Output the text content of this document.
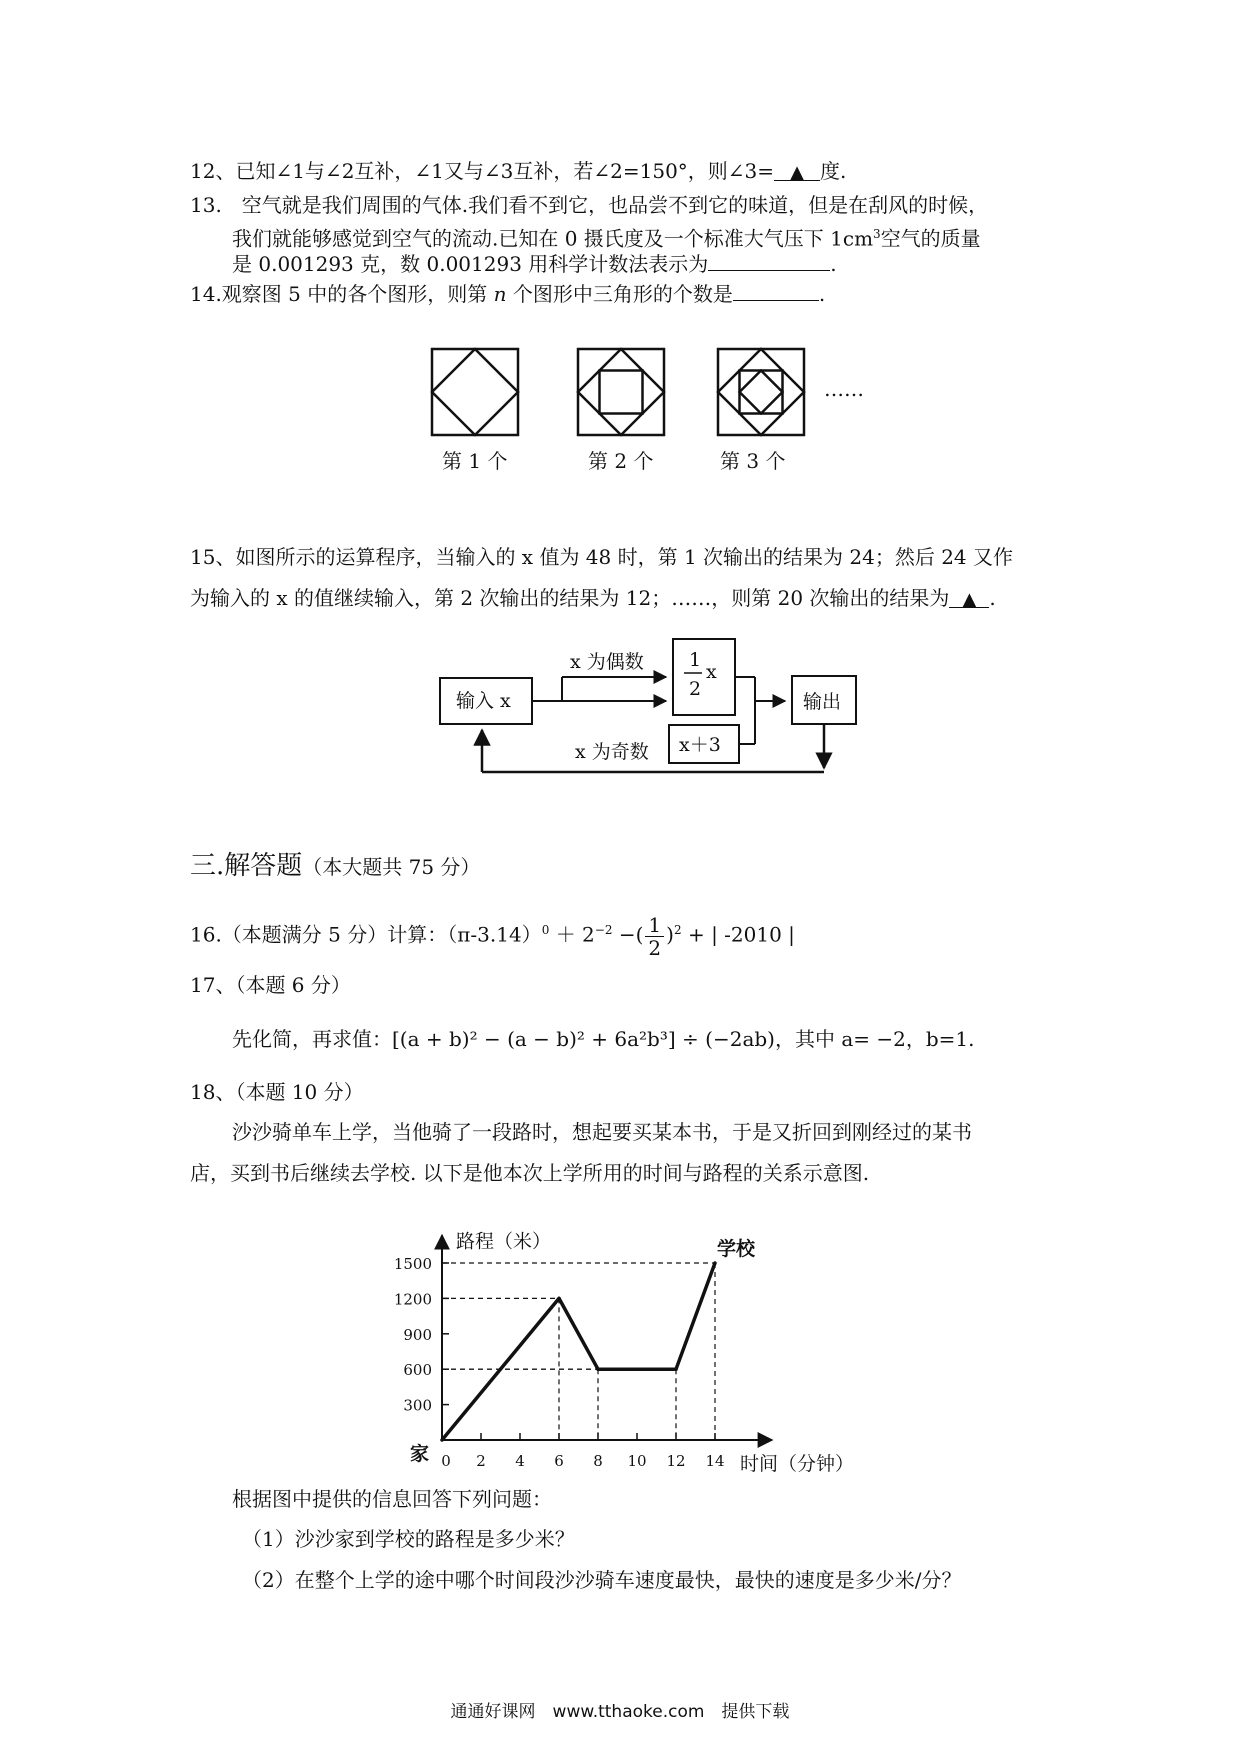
12、已知∠1与∠2互补，∠1又与∠3互补，若∠2=150°，则∠3= ▲ 度.
13.　空气就是我们周围的气体.我们看不到它，也品尝不到它的味道，但是在刮风的时候，
我们就能够感觉到空气的流动.已知在 0 摄氏度及一个标准大气压下 $1cm^3$空气的质量
是 0.001293 克，数 0.001293 用科学计数法表示为	.
14.观察图 5 中的各个图形，则第 n 个图形中三角形的个数是	.
……
第 1 个	第 2 个	第 3 个
15、如图所示的运算程序，当输入的 x 值为 48 时，第 1 次输出的结果为 24；然后 24 又作
为输入的 x 的值继续输入，第 2 次输出的结果为 12；……，则第 20 次输出的结果为 ▲ .
输入 x
x 为偶数
x 为奇数
1
2
x
x＋3
输出
三.解答题（本大题共 75 分）
16.（本题满分 5 分）计算：$(\pi-3.14)^0 + 2^{-2}$ −( $\frac{1}{2} )^2$ + | -2010 |
17、（本题 6 分）
先化简，再求值：[(a + b)² − (a − b)² + 6a²b³] ÷ (−2ab)，其中 a= −2，b=1.
18、（本题 10 分）
沙沙骑单车上学，当他骑了一段路时，想起要买某本书，于是又折回到刚经过的某书
店，买到书后继续去学校. 以下是他本次上学所用的时间与路程的关系示意图.
300
600
900
1200
1500
0 2 4 6 8 10 12 14
路程（米）
时间（分钟）
家
学校
根据图中提供的信息回答下列问题：
（1）沙沙家到学校的路程是多少米？
（2）在整个上学的途中哪个时间段沙沙骑车速度最快，最快的速度是多少米/分？
通通好课网　www.tthaoke.com　提供下载
